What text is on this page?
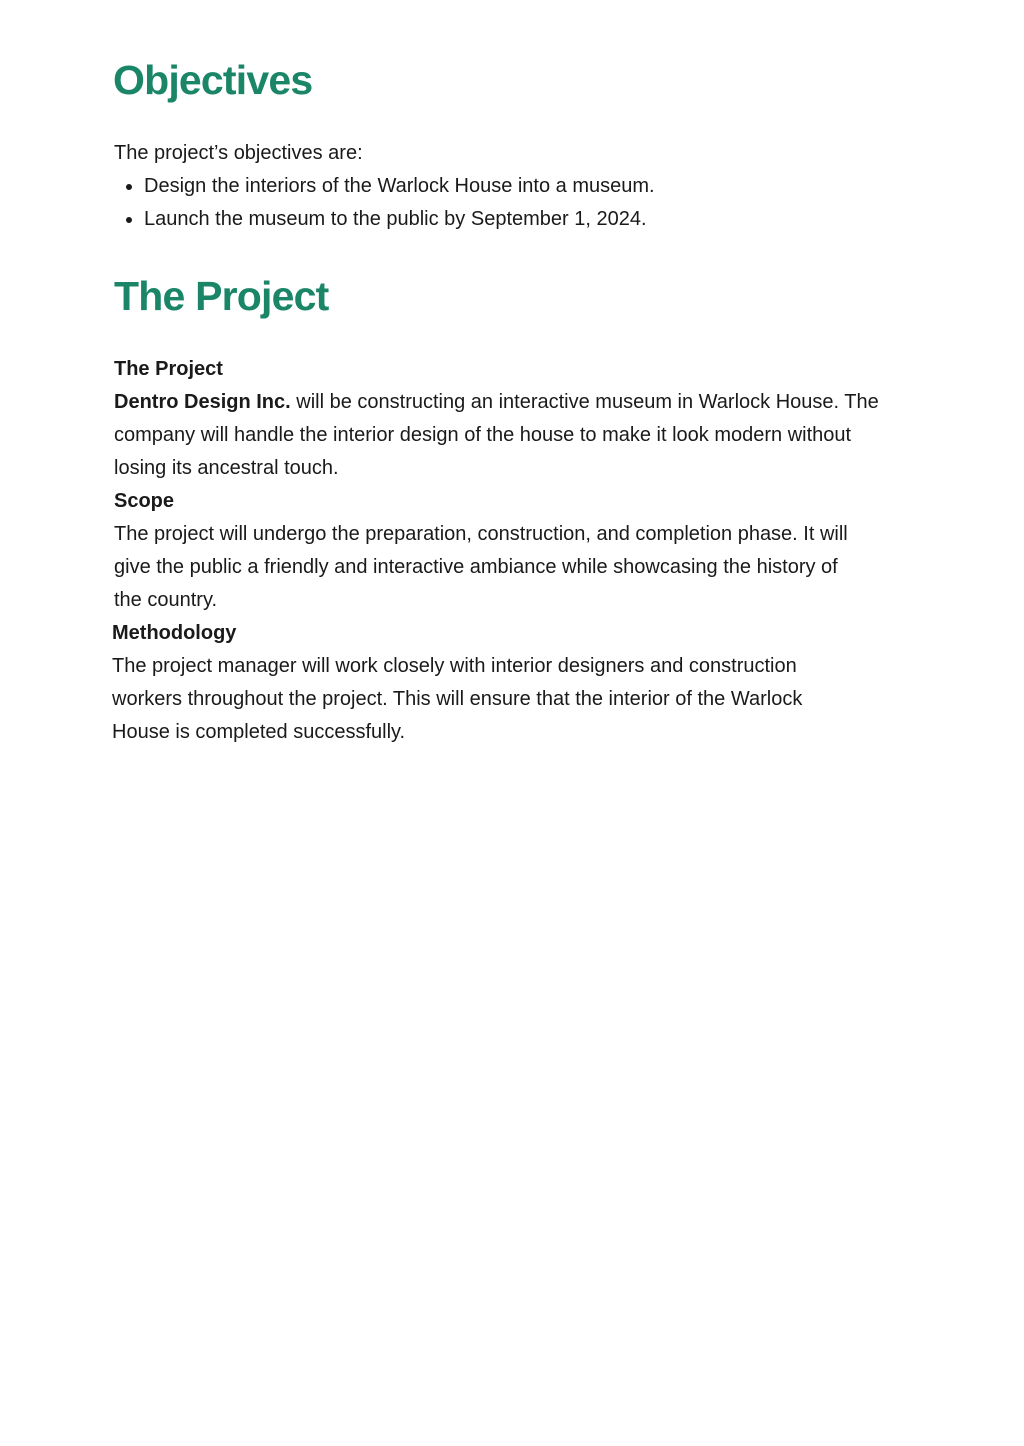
Objectives
The project’s objectives are:
Design the interiors of the Warlock House into a museum.
Launch the museum to the public by September 1, 2024.
The Project
The Project
Dentro Design Inc. will be constructing an interactive museum in Warlock House. The
company will handle the interior design of the house to make it look modern without
losing its ancestral touch.
Scope
The project will undergo the preparation, construction, and completion phase. It will
give the public a friendly and interactive ambiance while showcasing the history of
the country.
Methodology
The project manager will work closely with interior designers and construction
workers throughout the project. This will ensure that the interior of the Warlock
House is completed successfully.
